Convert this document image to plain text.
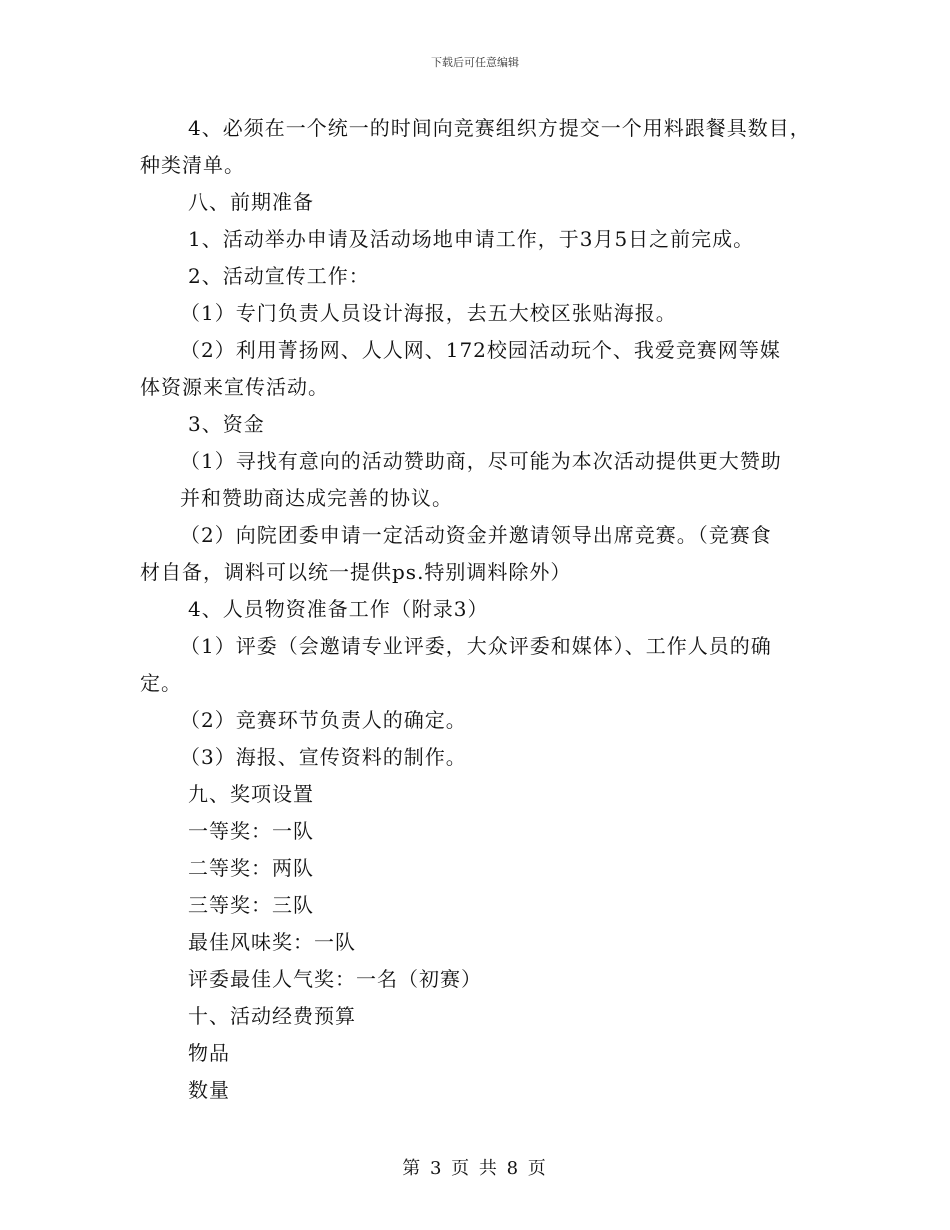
下载后可任意编辑

4、必须在一个统一的时间向竞赛组织方提交一个用料跟餐具数目，

种类清单。

八、前期准备

1、活动举办申请及活动场地申请工作，于3月5日之前完成。

2、活动宣传工作：

（1）专门负责人员设计海报，去五大校区张贴海报。

（2）利用菁扬网、人人网、172校园活动玩个、我爱竞赛网等媒

体资源来宣传活动。

3、资金

（1）寻找有意向的活动赞助商，尽可能为本次活动提供更大赞助

并和赞助商达成完善的协议。

（2）向院团委申请一定活动资金并邀请领导出席竞赛。（竞赛食

材自备，调料可以统一提供ps.特别调料除外）

4、人员物资准备工作（附录3）

（1）评委（会邀请专业评委，大众评委和媒体）、工作人员的确

定。

（2）竞赛环节负责人的确定。

（3）海报、宣传资料的制作。

九、奖项设置

一等奖：一队

二等奖：两队

三等奖：三队

最佳风味奖：一队

评委最佳人气奖：一名（初赛）

十、活动经费预算

物品

数量

第 3 页 共 8 页
